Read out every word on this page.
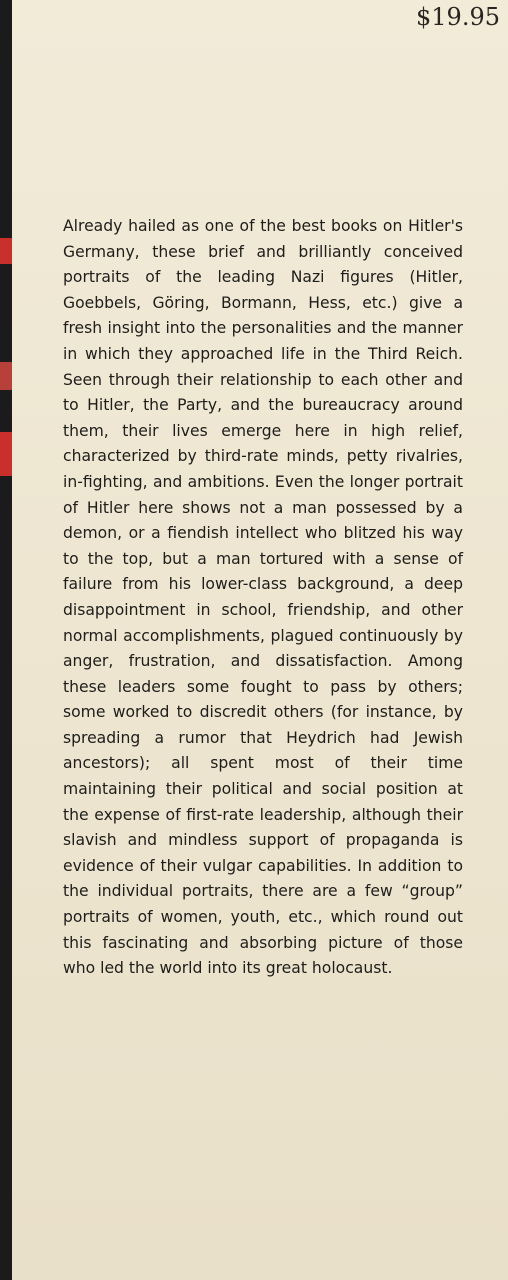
$19.95

Already hailed as one of the best books on Hitler's Germany, these brief and brilliantly conceived portraits of the leading Nazi figures (Hitler, Goebbels, Göring, Bormann, Hess, etc.) give a fresh insight into the personalities and the manner in which they approached life in the Third Reich. Seen through their relationship to each other and to Hitler, the Party, and the bureaucracy around them, their lives emerge here in high relief, characterized by third-rate minds, petty rivalries, in-fighting, and ambitions. Even the longer portrait of Hitler here shows not a man possessed by a demon, or a fiendish intellect who blitzed his way to the top, but a man tortured with a sense of failure from his lower-class background, a deep disappointment in school, friendship, and other normal accomplishments, plagued continuously by anger, frustration, and dissatisfaction. Among these leaders some fought to pass by others; some worked to discredit others (for instance, by spreading a rumor that Heydrich had Jewish ancestors); all spent most of their time maintaining their political and social position at the expense of first-rate leadership, although their slavish and mindless support of propaganda is evidence of their vulgar capabilities. In addition to the individual portraits, there are a few “group” portraits of women, youth, etc., which round out this fascinating and absorbing picture of those who led the world into its great holocaust.
